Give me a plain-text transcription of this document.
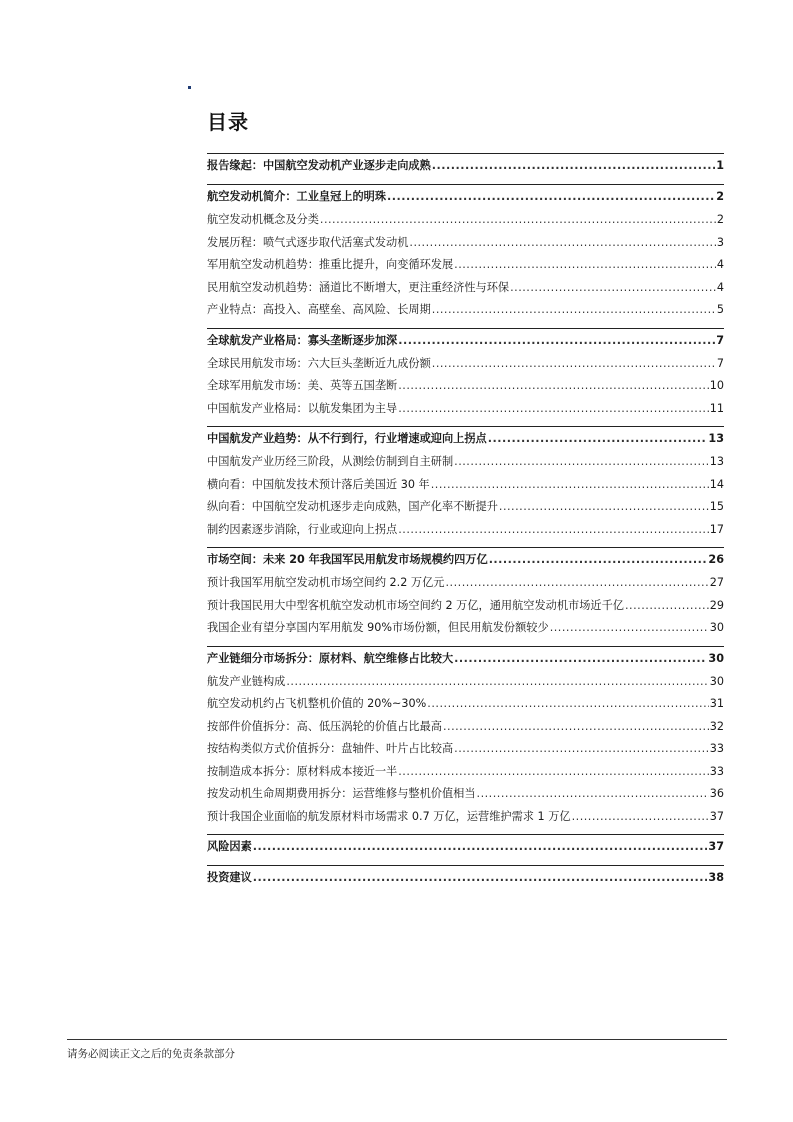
目录
报告缘起：中国航空发动机产业逐步走向成熟 .....	1
航空发动机简介：工业皇冠上的明珠 .....	2
航空发动机概念及分类 .....	2
发展历程：喷气式逐步取代活塞式发动机 .....	3
军用航空发动机趋势：推重比提升，向变循环发展 .....	4
民用航空发动机趋势：涵道比不断增大，更注重经济性与环保 .....	4
产业特点：高投入、高壁垒、高风险、长周期 .....	5
全球航发产业格局：寡头垄断逐步加深 .....	7
全球民用航发市场：六大巨头垄断近九成份额 .....	7
全球军用航发市场：美、英等五国垄断 .....	10
中国航发产业格局：以航发集团为主导 .....	11
中国航发产业趋势：从不行到行，行业增速或迎向上拐点 .....	13
中国航发产业历经三阶段，从测绘仿制到自主研制 .....	13
横向看：中国航发技术预计落后美国近 30 年 .....	14
纵向看：中国航空发动机逐步走向成熟，国产化率不断提升 .....	15
制约因素逐步消除，行业或迎向上拐点 .....	17
市场空间：未来 20 年我国军民用航发市场规模约四万亿 .....	26
预计我国军用航空发动机市场空间约 2.2 万亿元 .....	27
预计我国民用大中型客机航空发动机市场空间约 2 万亿，通用航空发动机市场近千亿 .....	29
我国企业有望分享国内军用航发 90%市场份额，但民用航发份额较少 .....	30
产业链细分市场拆分：原材料、航空维修占比较大 .....	30
航发产业链构成 .....	30
航空发动机约占飞机整机价值的 20%~30% .....	31
按部件价值拆分：高、低压涡轮的价值占比最高 .....	32
按结构类似方式价值拆分：盘轴件、叶片占比较高 .....	33
按制造成本拆分：原材料成本接近一半 .....	33
按发动机生命周期费用拆分：运营维修与整机价值相当 .....	36
预计我国企业面临的航发原材料市场需求 0.7 万亿，运营维护需求 1 万亿 .....	37
风险因素 .....	37
投资建议 .....	38
请务必阅读正文之后的免责条款部分
